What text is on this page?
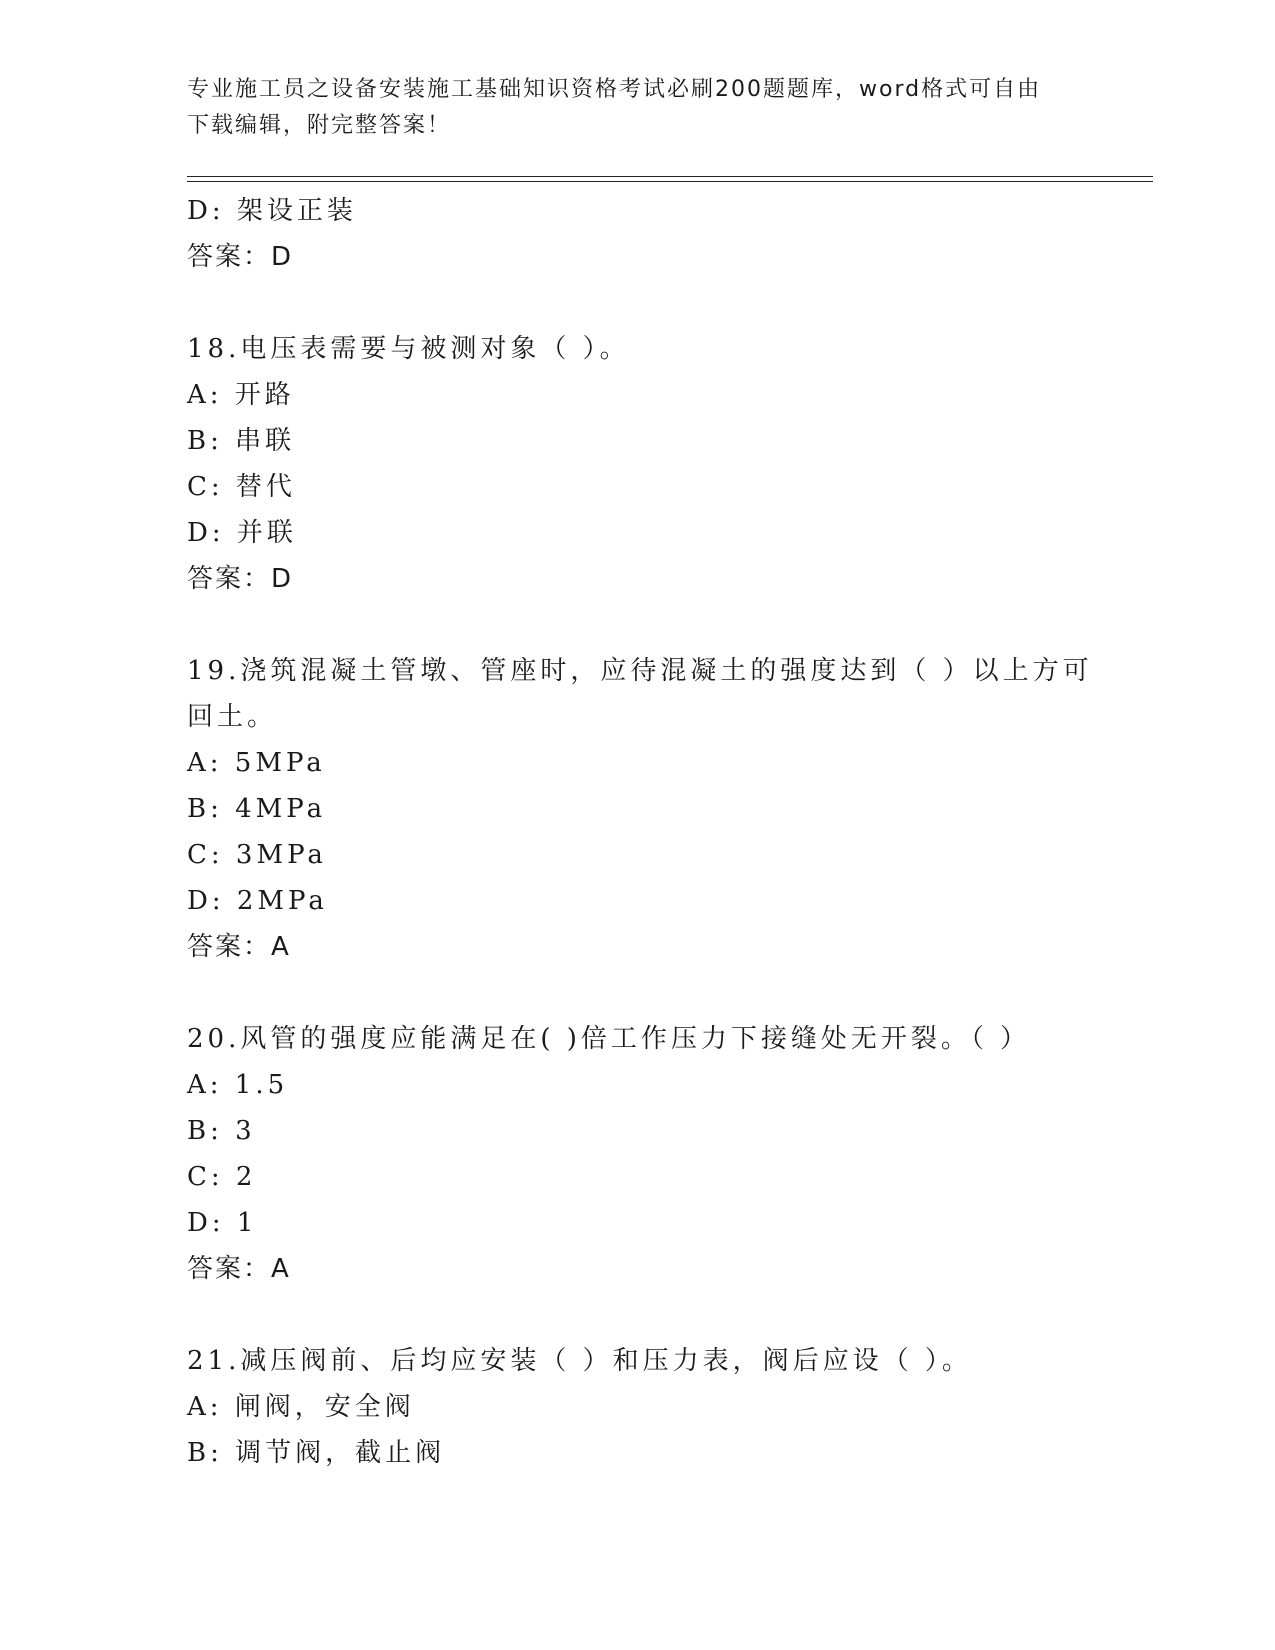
专业施工员之设备安装施工基础知识资格考试必刷200题题库，word格式可自由
下载编辑，附完整答案！
D: 架设正装
答案：D
18.电压表需要与被测对象（ ）。
A: 开路
B: 串联
C: 替代
D: 并联
答案：D
19.浇筑混凝土管墩、管座时，应待混凝土的强度达到（ ）以上方可
回土。
A: 5MPa
B: 4MPa
C: 3MPa
D: 2MPa
答案：A
20.风管的强度应能满足在( )倍工作压力下接缝处无开裂。（ ）
A: 1.5
B: 3
C: 2
D: 1
答案：A
21.减压阀前、后均应安装（ ）和压力表，阀后应设（ ）。
A: 闸阀，安全阀
B: 调节阀，截止阀
